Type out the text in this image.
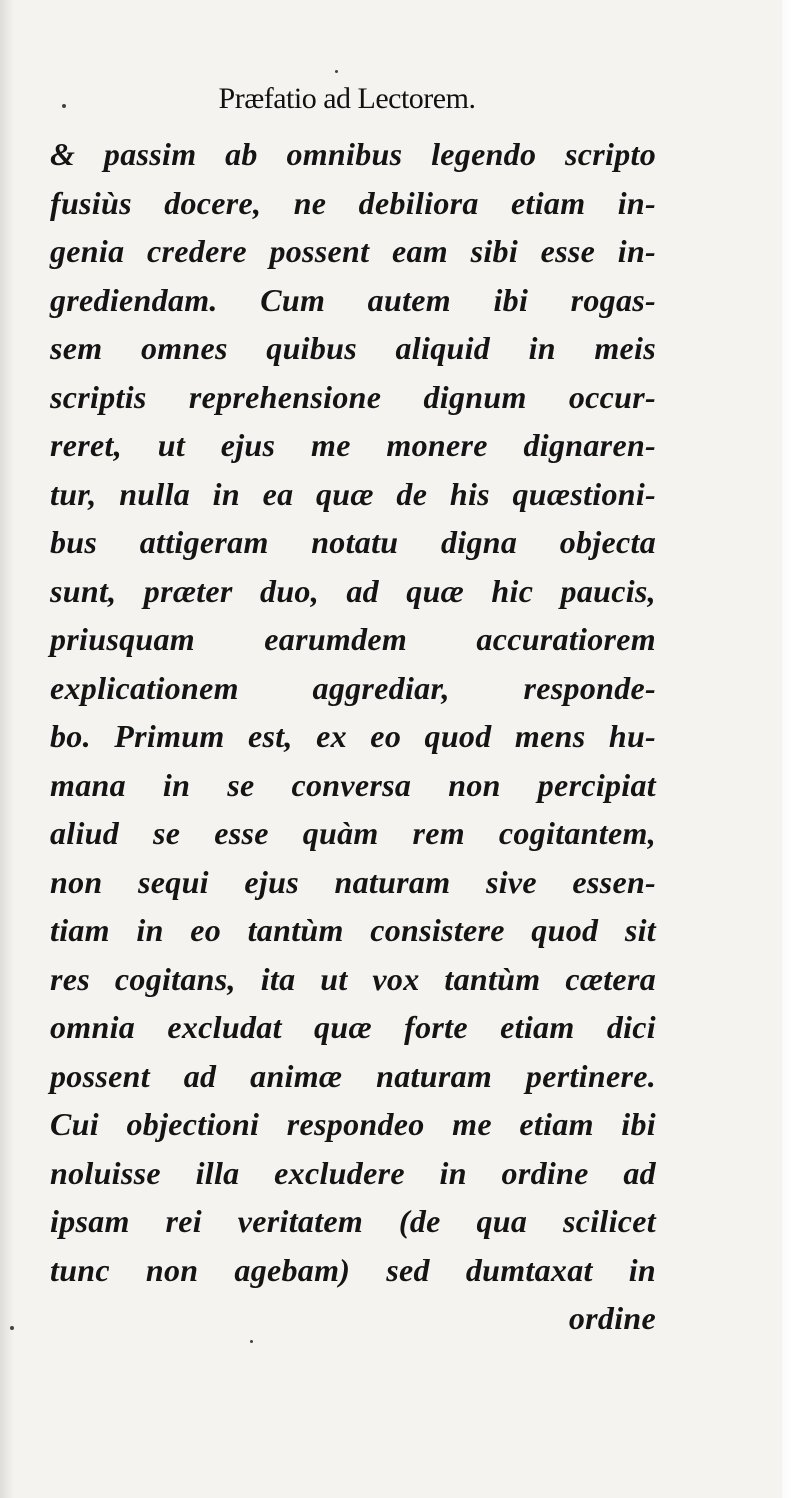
Præfatio ad Lectorem.
& passim ab omnibus legendo scripto
fusiùs docere, ne debiliora etiam in-
genia credere possent eam sibi esse in-
grediendam. Cum autem ibi rogas-
sem omnes quibus aliquid in meis
scriptis reprehensione dignum occur-
reret, ut ejus me monere dignaren-
tur, nulla in ea quæ de his quæstioni-
bus attigeram notatu digna objecta
sunt, præter duo, ad quæ hic paucis,
priusquam earumdem accuratiorem
explicationem aggrediar, responde-
bo. Primum est, ex eo quod mens hu-
mana in se conversa non percipiat
aliud se esse quàm rem cogitantem,
non sequi ejus naturam sive essen-
tiam in eo tantùm consistere quod sit
res cogitans, ita ut vox tantùm cætera
omnia excludat quæ forte etiam dici
possent ad animæ naturam pertinere.
Cui objectioni respondeo me etiam ibi
noluisse illa excludere in ordine ad
ipsam rei veritatem (de qua scilicet
tunc non agebam) sed dumtaxat in
ordine
